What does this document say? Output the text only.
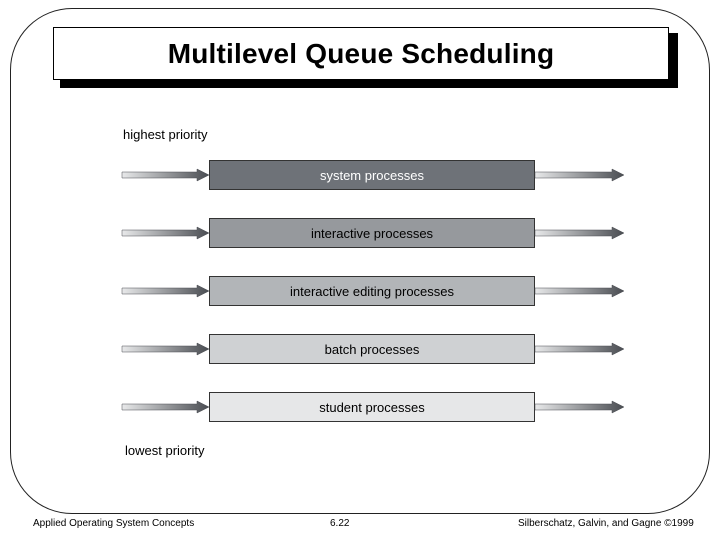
Multilevel Queue Scheduling
highest priority
system processes
interactive processes
interactive editing processes
batch processes
student processes
lowest priority
Applied Operating System Concepts	6.22	Silberschatz, Galvin, and Gagne ©1999
